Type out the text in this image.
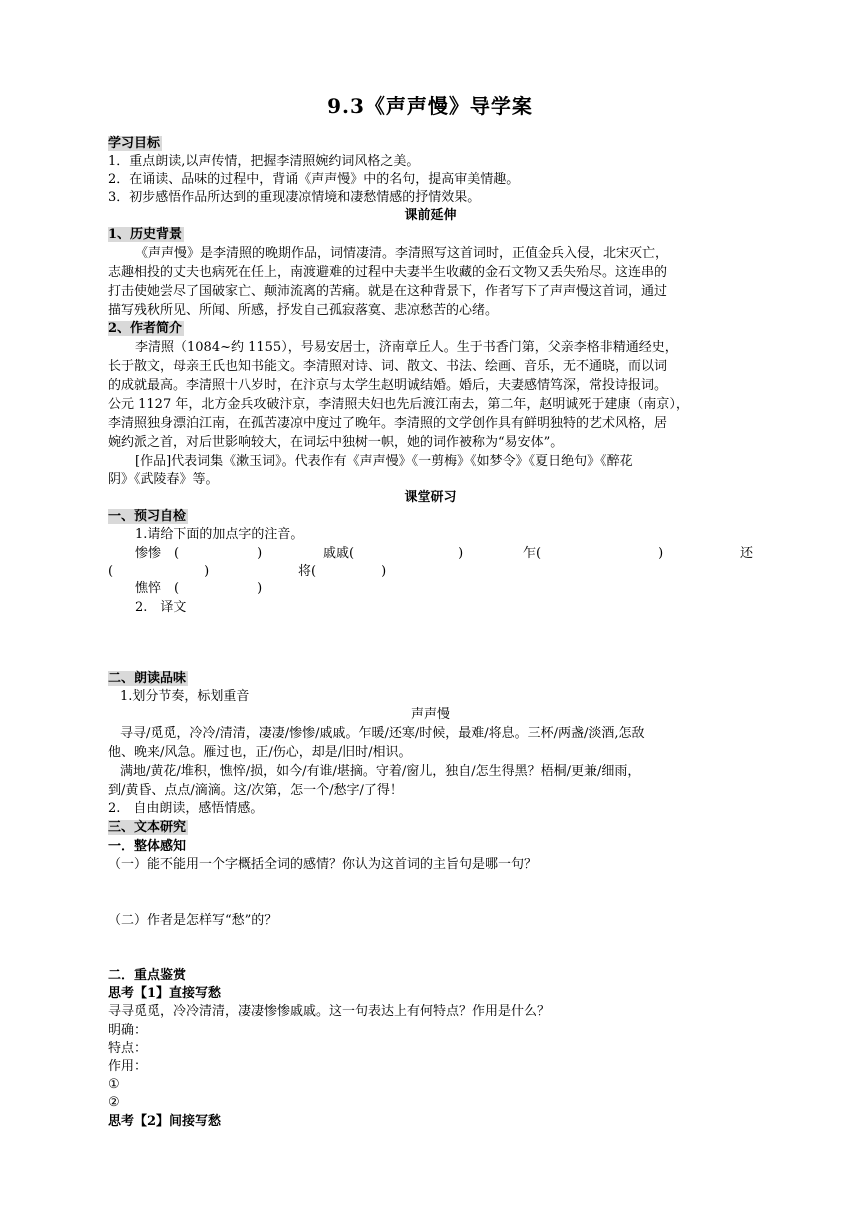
9.3《声声慢》导学案
学习目标
1．重点朗读,以声传情，把握李清照婉约词风格之美。
2．在诵读、品味的过程中，背诵《声声慢》中的名句，提高审美情趣。
3．初步感悟作品所达到的重现凄凉情境和凄愁情感的抒情效果。
课前延伸
1、历史背景
《声声慢》是李清照的晚期作品，词情凄清。李清照写这首词时，正值金兵入侵，北宋灭亡，
志趣相投的丈夫也病死在任上，南渡避难的过程中夫妻半生收藏的金石文物又丢失殆尽。这连串的
打击使她尝尽了国破家亡、颠沛流离的苦痛。就是在这种背景下，作者写下了声声慢这首词，通过
描写残秋所见、所闻、所感，抒发自己孤寂落寞、悲凉愁苦的心绪。
2、作者简介
李清照（1084~约 1155），号易安居士，济南章丘人。生于书香门第，父亲李格非精通经史，
长于散文，母亲王氏也知书能文。李清照对诗、词、散文、书法、绘画、音乐，无不通晓，而以词
的成就最高。李清照十八岁时，在汴京与太学生赵明诚结婚。婚后，夫妻感情笃深，常投诗报词。
公元 1127 年，北方金兵攻破汴京，李清照夫妇也先后渡江南去，第二年，赵明诚死于建康（南京），
李清照独身漂泊江南，在孤苦凄凉中度过了晚年。李清照的文学创作具有鲜明独特的艺术风格，居
婉约派之首，对后世影响较大，在词坛中独树一帜，她的词作被称为“易安体”。
[作品]代表词集《漱玉词》。代表作有《声声慢》《一剪梅》《如梦令》《夏日绝句》《醉花
阴》《武陵春》等。
课堂研习
一、预习自检
1.请给下面的加点字的注音。
惨惨　(　　　　　　)	戚戚(　　　　　　　　)	乍(　　　　　　　　　)	还
(　　　　　　　)	将(　　　　　)
憔悴　(　　　　　　)
2.　译文
二、朗读品味
1.划分节奏，标划重音
声声慢
寻寻/觅觅，冷冷/清清，凄凄/惨惨/戚戚。乍暖/还寒/时候，最难/将息。三杯/两盏/淡酒,怎敌
他、晚来/风急。雁过也，正/伤心，却是/旧时/相识。
满地/黄花/堆积，憔悴/损，如今/有谁/堪摘。守着/窗儿，独自/怎生得黑？梧桐/更兼/细雨，
到/黄昏、点点/滴滴。这/次第，怎一个/愁字/了得！
2.　自由朗读，感悟情感。
三、文本研究
一．整体感知
（一）能不能用一个字概括全词的感情？你认为这首词的主旨句是哪一句？
（二）作者是怎样写“愁”的？
二．重点鉴赏
思考【1】直接写愁
寻寻觅觅，冷冷清清，凄凄惨惨戚戚。这一句表达上有何特点？作用是什么？
明确：
特点：
作用：
①
②
思考【2】间接写愁
